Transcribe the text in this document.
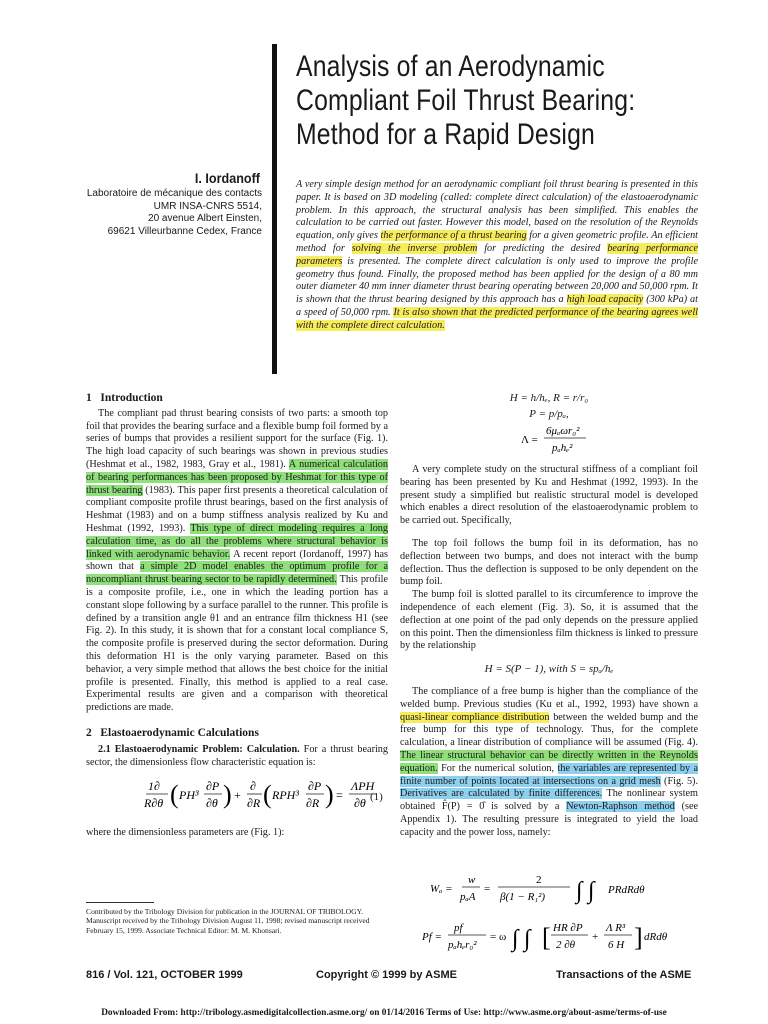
Analysis of an Aerodynamic
Compliant Foil Thrust Bearing:
Method for a Rapid Design
I. Iordanoff
Laboratoire de mécanique des contacts
UMR INSA-CNRS 5514,
20 avenue Albert Einsten,
69621 Villeurbanne Cedex, France
A very simple design method for an aerodynamic compliant foil thrust bearing is presented in this paper. It is based on 3D modeling (called: complete direct calculation) of the elastoaerodynamic problem. In this approach, the structural analysis has been simplified. This enables the calculation to be carried out faster. However this model, based on the resolution of the Reynolds equation, only gives the performance of a thrust bearing for a given geometric profile. An efficient method for solving the inverse problem for predicting the desired bearing performance parameters is presented. The complete direct calculation is only used to improve the profile geometry thus found. Finally, the proposed method has been applied for the design of a 80 mm outer diameter 40 mm inner diameter thrust bearing operating between 20,000 and 50,000 rpm. It is shown that the thrust bearing designed by this approach has a high load capacity (300 kPa) at a speed of 50,000 rpm. It is also shown that the predicted performance of the bearing agrees well with the complete direct calculation.
1 Introduction

The compliant pad thrust bearing consists of two parts: a smooth top foil that provides the bearing surface and a flexible bump foil formed by a series of bumps that provides a resilient support for the surface (Fig. 1). The high load capacity of such bearings was shown in previous studies (Heshmat et al., 1982, 1983, Gray et al., 1981). A numerical calculation of bearing performances has been proposed by Heshmat for this type of thrust bearing (1983). This paper first presents a theoretical calculation of compliant composite profile thrust bearings, based on the first analysis of Heshmat (1983) and on a bump stiffness analysis realized by Ku and Heshmat (1992, 1993). This type of direct modeling requires a long calculation time, as do all the problems where structural behavior is linked with aerodynamic behavior. A recent report (Iordanoff, 1997) has shown that a simple 2D model enables the optimum profile for a noncompliant thrust bearing sector to be rapidly determined. This profile is a composite profile, i.e., one in which the leading portion has a constant slope following by a surface parallel to the runner. This profile is defined by a transition angle θ1 and an entrance film thickness H1 (see Fig. 2). In this study, it is shown that for a constant local compliance S, the composite profile is preserved during the sector deformation. During this deformation H1 is the only varying parameter. Based on this behavior, a very simple method that allows the best choice for the initial profile is presented. Finally, this method is applied to a real case. Experimental results are given and a comparison with theoretical predictions are made.

2 Elastoaerodynamic Calculations

2.1 Elastoaerodynamic Problem: Calculation. For a thrust bearing sector, the dimensionless flow characteristic equation is:

1∂
R∂θ ( PH³
∂P
∂θ ) +
∂
∂R ( RPH³
∂P
∂R ) =
ΛPH
∂θ (1)

where the dimensionless parameters are (Fig. 1):

Contributed by the Tribology Division for publication in the JOURNAL OF TRIBOLOGY. Manuscript received by the Tribology Division August 11, 1998; revised manuscript received February 15, 1999. Associate Technical Editor: M. M. Khonsari.
H = h/hₑ, R = r/r₀
P = p/pₐ,
Λ =
6μₐωr₀²
pₐhₑ²

A very complete study on the structural stiffness of a compliant foil bearing has been presented by Ku and Heshmat (1992, 1993). In the present study a simplified but realistic structural model is developed which enables a direct resolution of the elastoaerodynamic problem to be carried out. Specifically,

The top foil follows the bump foil in its deformation, has no deflection between two bumps, and does not interact with the bump deflection. Thus the deflection is supposed to be only dependent on the bump foil.

The bump foil is slotted parallel to its circumference to improve the independence of each element (Fig. 3). So, it is assumed that the deflection at one point of the pad only depends on the pressure applied on this point. Then the dimensionless film thickness is linked to pressure by the relationship

H = S(P − 1), with S = spₐ/hₑ

The compliance of a free bump is higher than the compliance of the welded bump. Previous studies (Ku et al., 1992, 1993) have shown a quasi-linear compliance distribution between the welded bump and the free bump for this type of technology. Thus, for the complete calculation, a linear distribution of compliance will be assumed (Fig. 4). The linear structural behavior can be directly written in the Reynolds equation. For the numerical solution, the variables are represented by a finite number of points located at intersections on a grid mesh (Fig. 5). Derivatives are calculated by finite differences. The nonlinear system obtained F̂(P) = 0̂ is solved by a Newton-Raphson method (see Appendix 1). The resulting pressure is integrated to yield the load capacity and the power loss, namely:

Wₐ =
w
pₐA
=
2
β(1 − R₁²) ∫ ∫ PRdRdθ
Pf =
pf
pₐhₑr₀²
= ω ∫ ∫ [ HR ∂P
2 ∂θ
+
Λ R³
6 H ] dRdθ
816 / Vol. 121, OCTOBER 1999	Copyright © 1999 by ASME	Transactions of the ASME
Downloaded From: http://tribology.asmedigitalcollection.asme.org/ on 01/14/2016 Terms of Use: http://www.asme.org/about-asme/terms-of-use
